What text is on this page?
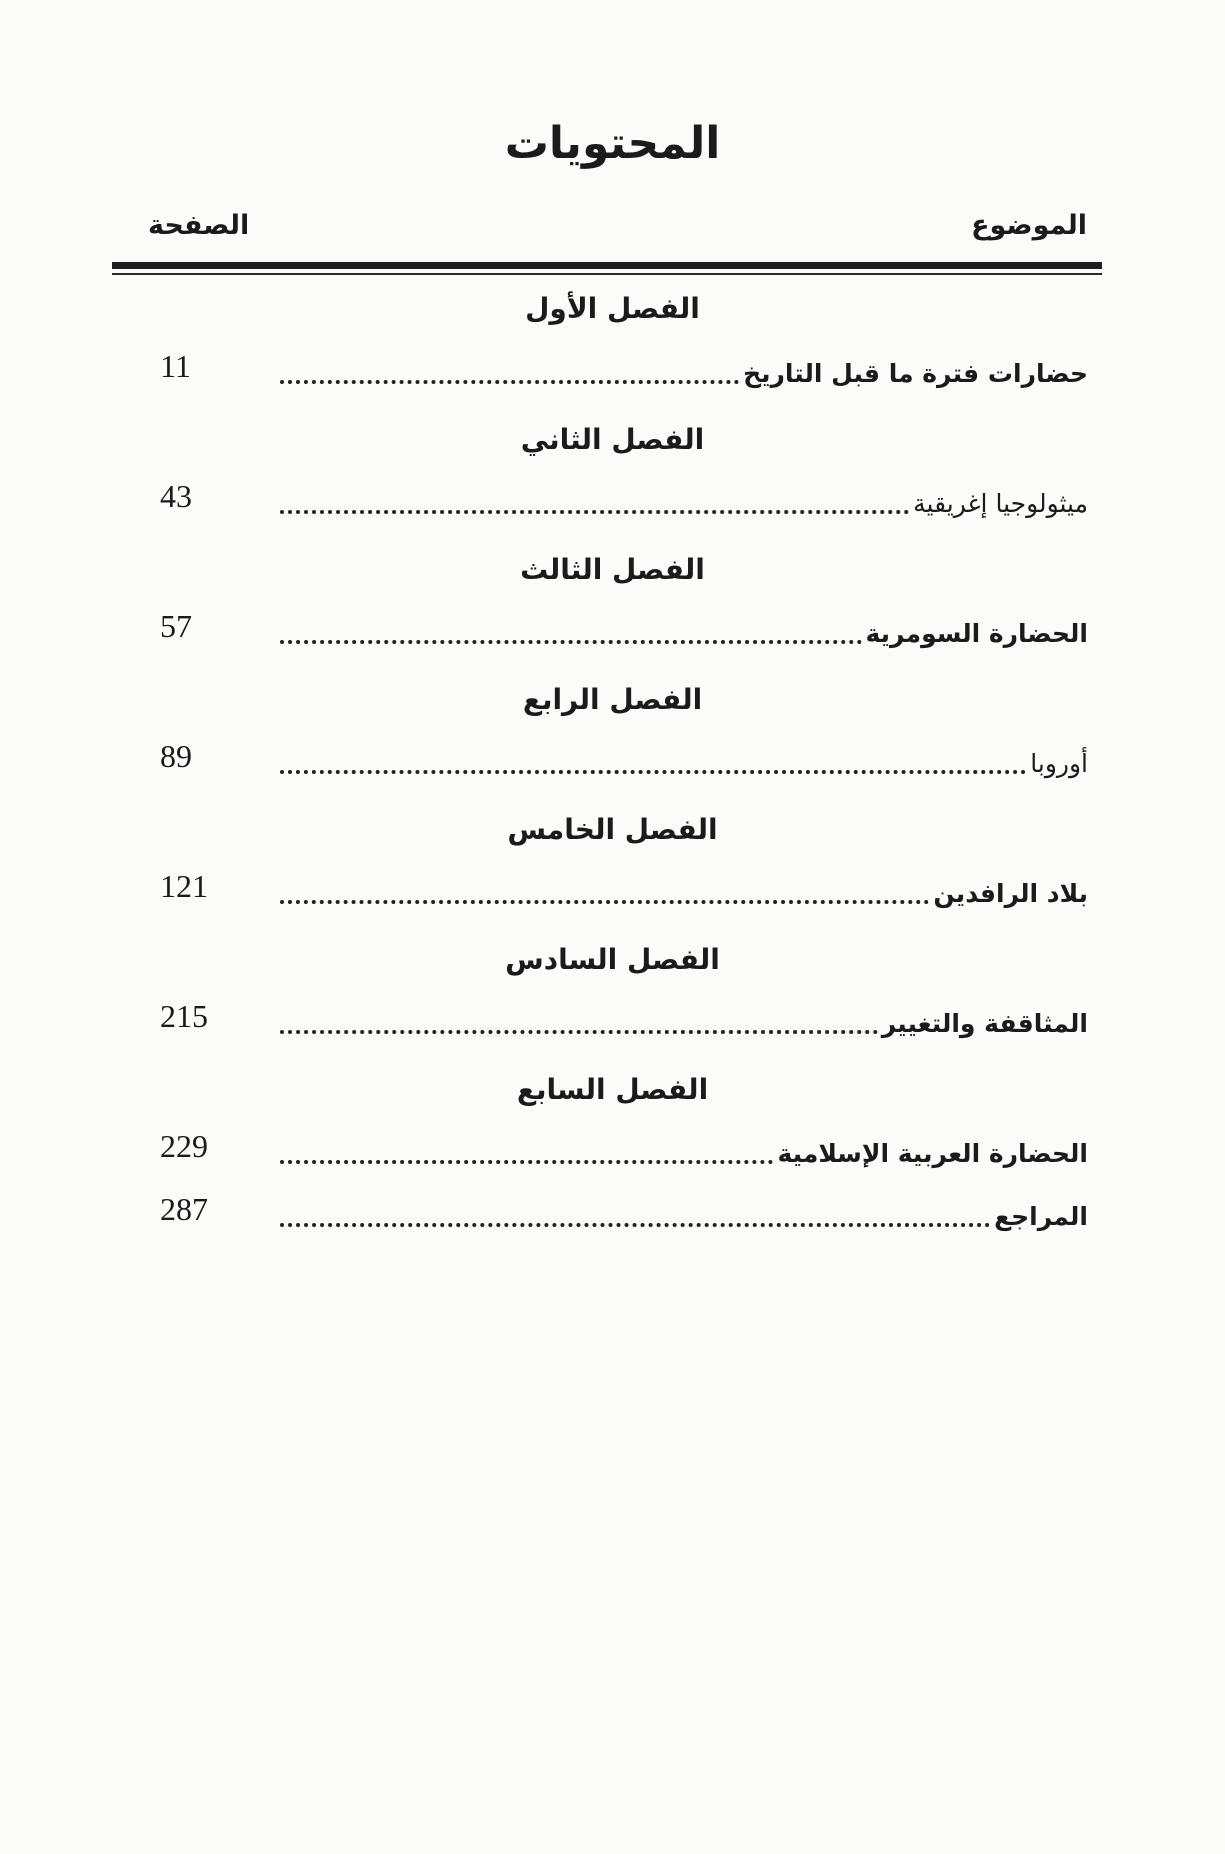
المحتويات
الموضوع
الصفحة
الفصل الأول
11	حضارات فترة ما قبل التاريخ
الفصل الثاني
43	ميثولوجيا إغريقية
الفصل الثالث
57	الحضارة السومرية
الفصل الرابع
89	أوروبا
الفصل الخامس
121	بلاد الرافدين
الفصل السادس
215	المثاقفة والتغيير
الفصل السابع
229	الحضارة العربية الإسلامية
287	المراجع
